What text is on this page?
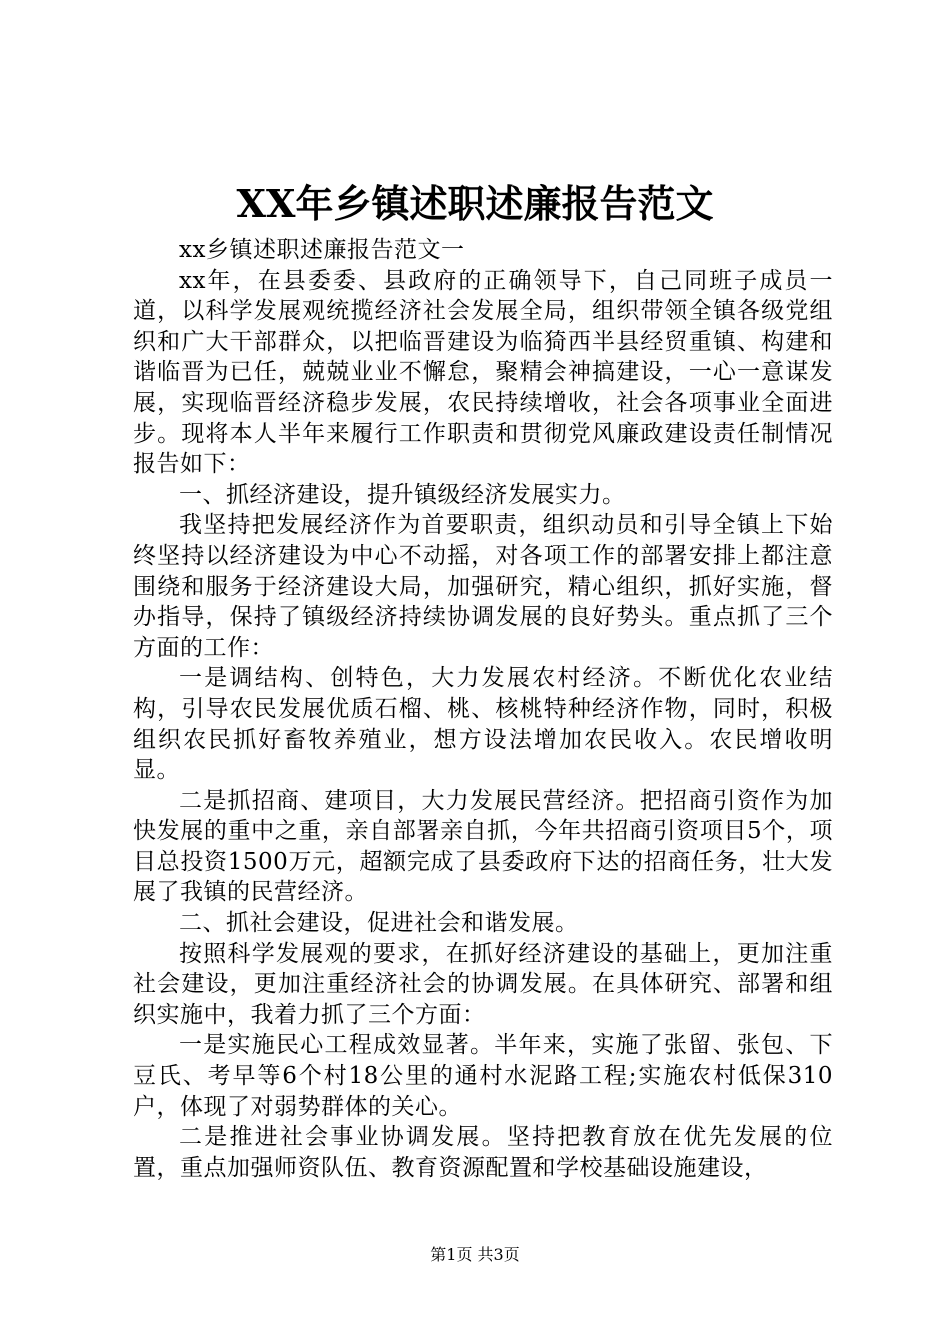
XX年乡镇述职述廉报告范文

xx乡镇述职述廉报告范文一

xx年，在县委委、县政府的正确领导下，自己同班子成员一道，以科学发展观统揽经济社会发展全局，组织带领全镇各级党组织和广大干部群众，以把临晋建设为临猗西半县经贸重镇、构建和谐临晋为已任，兢兢业业不懈怠，聚精会神搞建设，一心一意谋发展，实现临晋经济稳步发展，农民持续增收，社会各项事业全面进步。现将本人半年来履行工作职责和贯彻党风廉政建设责任制情况报告如下：

一、抓经济建设，提升镇级经济发展实力。

我坚持把发展经济作为首要职责，组织动员和引导全镇上下始终坚持以经济建设为中心不动摇，对各项工作的部署安排上都注意围绕和服务于经济建设大局，加强研究，精心组织，抓好实施，督办指导，保持了镇级经济持续协调发展的良好势头。重点抓了三个方面的工作：

一是调结构、创特色，大力发展农村经济。不断优化农业结构，引导农民发展优质石榴、桃、核桃特种经济作物，同时，积极组织农民抓好畜牧养殖业，想方设法增加农民收入。农民增收明显。

二是抓招商、建项目，大力发展民营经济。把招商引资作为加快发展的重中之重，亲自部署亲自抓，今年共招商引资项目5个，项目总投资1500万元，超额完成了县委政府下达的招商任务，壮大发展了我镇的民营经济。

二、抓社会建设，促进社会和谐发展。

按照科学发展观的要求，在抓好经济建设的基础上，更加注重社会建设，更加注重经济社会的协调发展。在具体研究、部署和组织实施中，我着力抓了三个方面：

一是实施民心工程成效显著。半年来，实施了张留、张包、下豆氏、考早等6个村18公里的通村水泥路工程;实施农村低保310户，体现了对弱势群体的关心。

二是推进社会事业协调发展。坚持把教育放在优先发展的位置，重点加强师资队伍、教育资源配置和学校基础设施建设，

第1页 共3页
